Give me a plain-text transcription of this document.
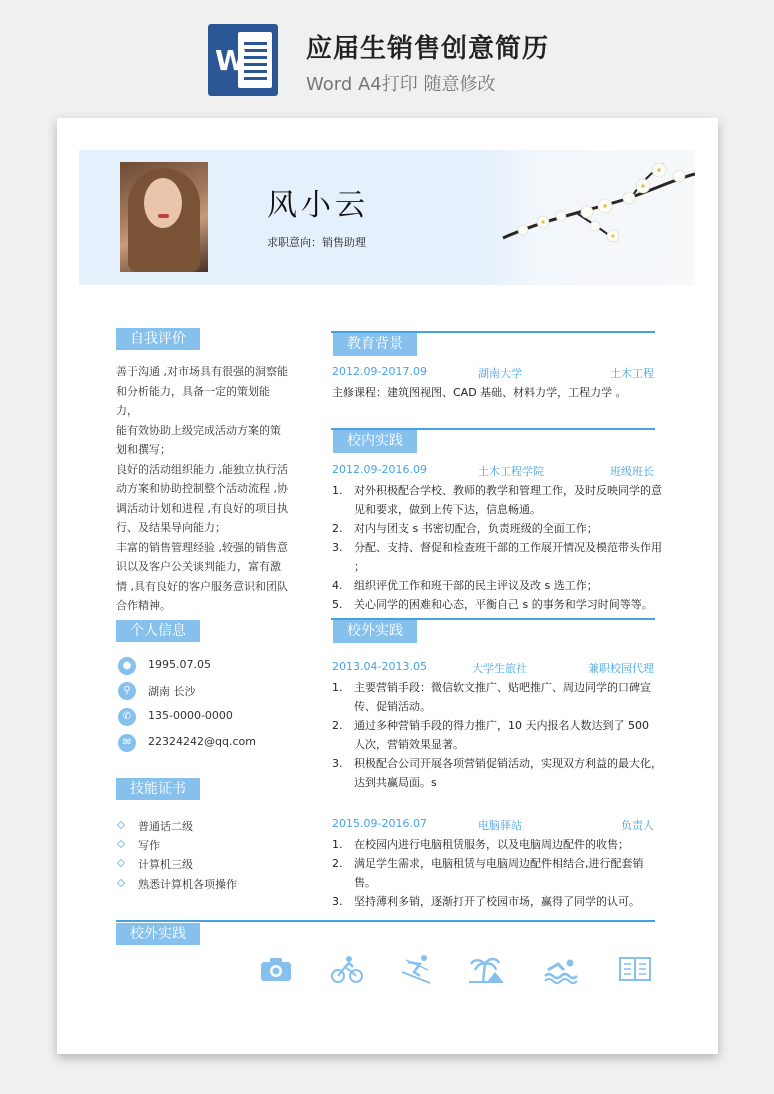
W 应届生销售创意简历
Word A4打印 随意修改
风小云
求职意向：销售助理
自我评价
善于沟通 ,对市场具有很强的洞察能
和分析能力，具备一定的策划能力，
能有效协助上级完成活动方案的策
划和撰写；
良好的活动组织能力 ,能独立执行活
动方案和协助控制整个活动流程 ,协
调活动计划和进程 ,有良好的项目执
行、及结果导向能力；
丰富的销售管理经验 ,较强的销售意
识以及客户公关谈判能力，富有激
情 ,具有良好的客户服务意识和团队
合作精神。
个人信息
●	1995.07.05
⚲	湖南 长沙
✆	135-0000-0000
✉	22324242@qq.com
技能证书
普通话二级
写作
计算机三级
熟悉计算机各项操作
教育背景
2012.09-2017.09	湖南大学	土木工程
主修课程：建筑图视图、CAD 基础、材料力学，工程力学 。
校内实践
2012.09-2016.09	土木工程学院	班级班长
1. 对外积极配合学校、教师的教学和管理工作，及时反映同学的意见和要求，做到上传下达，信息畅通。
2. 对内与团支 s 书密切配合，负责班级的全面工作；
3. 分配、支持、督促和检查班干部的工作展开情况及模范带头作用 ；
4. 组织评优工作和班干部的民主评议及改 s 选工作；
5. 关心同学的困难和心态，平衡自己 s 的事务和学习时间等等。
校外实践
2013.04-2013.05	大学生旅社	兼职校园代理
1. 主要营销手段：微信软文推广、贴吧推广、周边同学的口碑宣传、促销活动。
2. 通过多种营销手段的得力推广，10 天内报名人数达到了 500 人次，营销效果显著。
3. 积极配合公司开展各项营销促销活动，实现双方利益的最大化，达到共赢局面。s
2015.09-2016.07	电脑驿站	负责人
1. 在校园内进行电脑租赁服务，以及电脑周边配件的收售；
2. 满足学生需求，电脑租赁与电脑周边配件相结合,进行配套销售。
3. 坚持薄利多销，逐渐打开了校园市场，赢得了同学的认可。
校外实践
